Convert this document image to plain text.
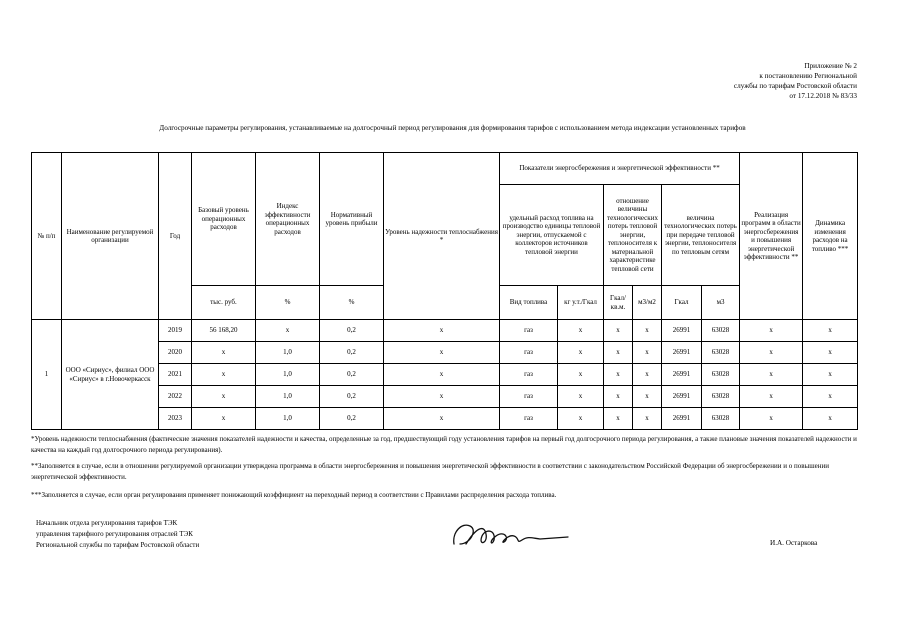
Приложение № 2
к постановлению Региональной
службы по тарифам Ростовской области
от 17.12.2018 № 83/33
Долгосрочные параметры регулирования, устанавливаемые на долгосрочный период регулирования для формирования тарифов с использованием метода индексации установленных тарифов
№ п/п	Наименование регулируемой организации	Год	Базовый уровень операционных расходов	Индекс эффективности операционных расходов	Нормативный уровень прибыли	Уровень надежности теплоснабжения *	Показатели энергосбережения и энергетической эффективности **						Реализация программ в области энергосбережения и повышения энергетической эффективности **	Динамика изменения расходов на топливо ***
							удельный расход топлива на производство единицы тепловой энергии, отпускаемой с коллекторов источников тепловой энергии		отношение величины технологических потерь тепловой энергии, теплоносителя к материальной характеристике тепловой сети		величина технологических потерь при передаче тепловой энергии, теплоносителя по тепловым сетям			
			тыс. руб.	%	%		Вид топлива	кг у.т./Гкал	Гкал/ кв.м.	м3/м2	Гкал	м3		
1	ООО «Сириус», филиал ООО «Сириус» в г.Новочеркасск	2019	56 168,20	х	0,2	х	газ	х	х	х	26991	63028	х	х
		2020	х	1,0	0,2	х	газ	х	х	х	26991	63028	х	х
		2021	х	1,0	0,2	х	газ	х	х	х	26991	63028	х	х
		2022	х	1,0	0,2	х	газ	х	х	х	26991	63028	х	х
		2023	х	1,0	0,2	х	газ	х	х	х	26991	63028	х	х
*Уровень надежности теплоснабжения (фактические значения показателей надежности и качества, определенные за год, предшествующий году установления тарифов на первый год долгосрочного периода регулирования, а также плановые значения показателей надежности и качества на каждый год долгосрочного периода регулирования).
**Заполняется в случае, если в отношении регулируемой организации утверждена программа в области энергосбережения и повышения энергетической эффективности в соответствии с законодательством Российской Федерации об энергосбережении и о повышении энергетической эффективности.
***Заполняется в случае, если орган регулирования применяет понижающий коэффициент на переходный период в соответствии с Правилами распределения расхода топлива.
Начальник отдела регулирования тарифов ТЭК
управления тарифного регулирования отраслей ТЭК
Региональной службы по тарифам Ростовской области	И.А. Остаркова
